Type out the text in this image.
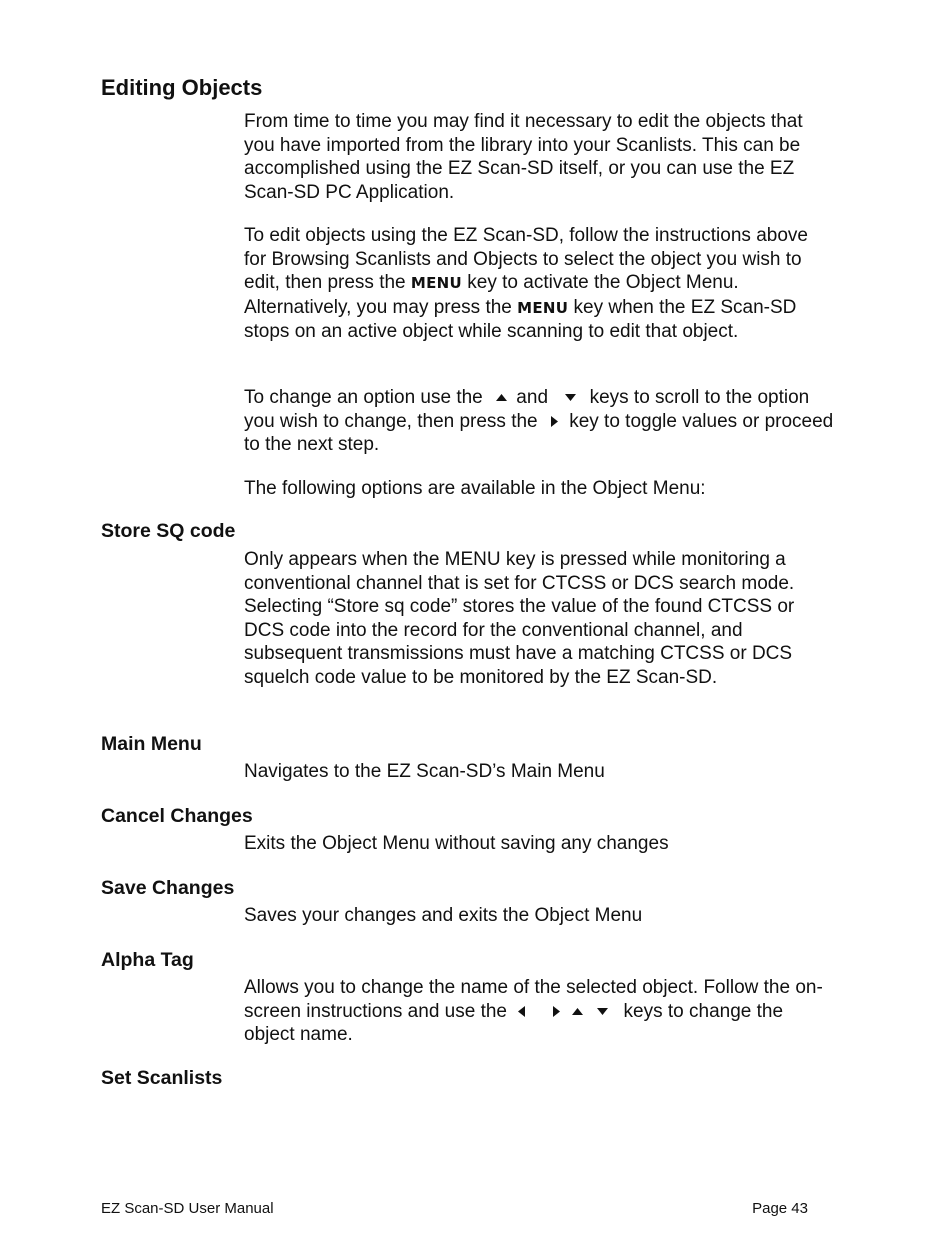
Editing Objects

From time to time you may find it necessary to edit the objects that you have imported from the library into your Scanlists. This can be accomplished using the EZ Scan-SD itself, or you can use the EZ Scan-SD PC Application.

To edit objects using the EZ Scan-SD, follow the instructions above for Browsing Scanlists and Objects to select the object you wish to edit, then press the MENU key to activate the Object Menu. Alternatively, you may press the MENU key when the EZ Scan-SD stops on an active object while scanning to edit that object.

To change an option use the
and
keys to scroll to the option you wish to change, then press the
key to toggle values or proceed to the next step.

The following options are available in the Object Menu:

Store SQ code

Only appears when the MENU key is pressed while monitoring a conventional channel that is set for CTCSS or DCS search mode. Selecting “Store sq code” stores the value of the found CTCSS or DCS code into the record for the conventional channel, and subsequent transmissions must have a matching CTCSS or DCS squelch code value to be monitored by the EZ Scan-SD.

Main Menu

Navigates to the EZ Scan-SD’s Main Menu

Cancel Changes

Exits the Object Menu without saving any changes

Save Changes

Saves your changes and exits the Object Menu

Alpha Tag

Allows you to change the name of the selected object. Follow the on-screen instructions and use the	keys to change the object name.

Set Scanlists
EZ Scan-SD User Manual	Page 43
